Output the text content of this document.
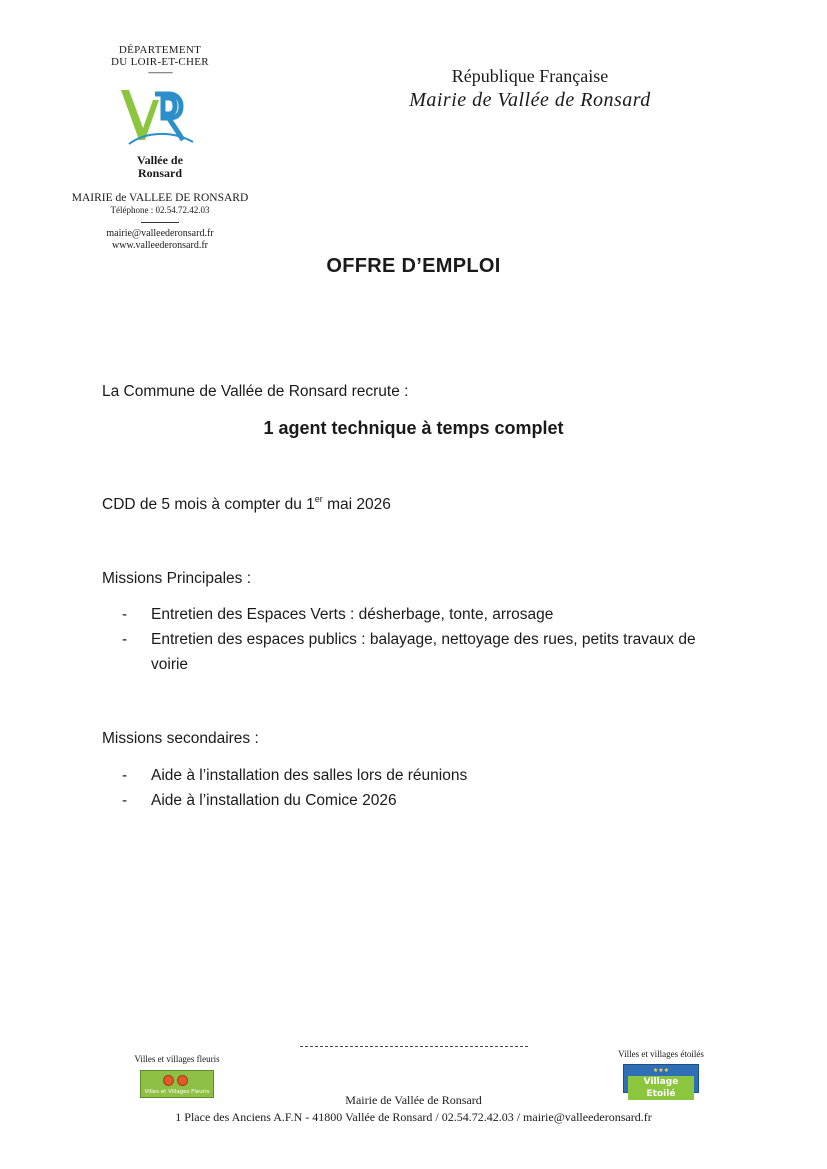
DÉPARTEMENT
DU LOIR-ET-CHER
------------
Vallée de
Ronsard
MAIRIE de VALLEE DE RONSARD
Téléphone : 02.54.72.42.03
mairie@valleederonsard.fr
www.valleederonsard.fr
République Française
Mairie de Vallée de Ronsard
OFFRE D’EMPLOI
La Commune de Vallée de Ronsard recrute :
1 agent technique à temps complet
CDD de 5 mois à compter du 1er mai 2026
Missions Principales :
- Entretien des Espaces Verts : désherbage, tonte, arrosage
- Entretien des espaces publics : balayage, nettoyage des rues, petits travaux de voirie
Missions secondaires :
- Aide à l’installation des salles lors de réunions
- Aide à l’installation du Comice 2026
Villes et villages fleuris
Villes et Villages Fleuris
Villes et villages étoilés
★★★
Village Etoilé
Mairie de Vallée de Ronsard
1 Place des Anciens A.F.N - 41800 Vallée de Ronsard / 02.54.72.42.03 / mairie@valleederonsard.fr
